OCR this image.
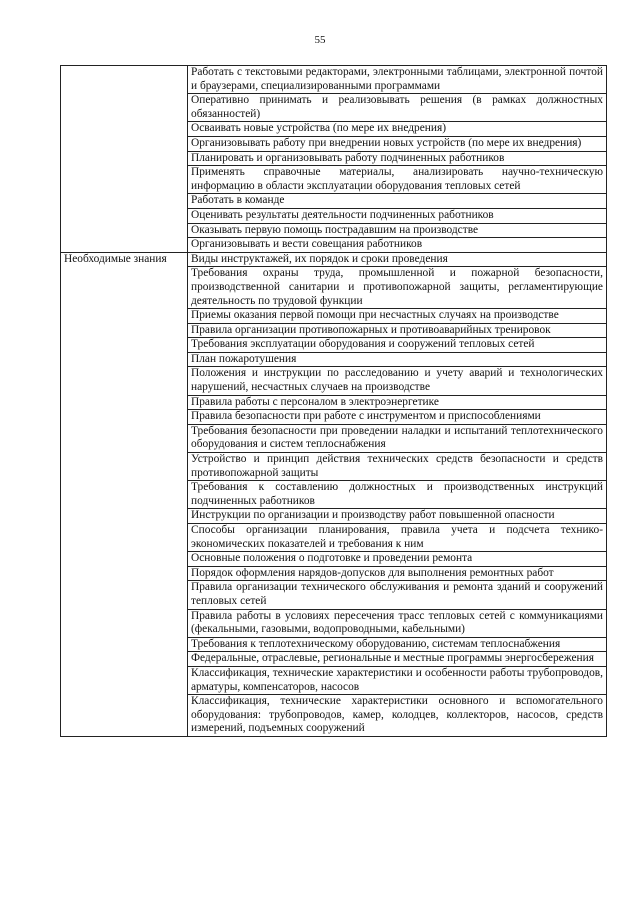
55
	Работать с текстовыми редакторами, электронными таблицами, электронной почтой и браузерами, специализированными программами
	Оперативно принимать и реализовывать решения (в рамках должностных обязанностей)
	Осваивать новые устройства (по мере их внедрения)
	Организовывать работу при внедрении новых устройств (по мере их внедрения)
	Планировать и организовывать работу подчиненных работников
	Применять справочные материалы, анализировать научно-техническую информацию в области эксплуатации оборудования тепловых сетей
	Работать в команде
	Оценивать результаты деятельности подчиненных работников
	Оказывать первую помощь пострадавшим на производстве
	Организовывать и вести совещания работников
Необходимые знания	Виды инструктажей, их порядок и сроки проведения
	Требования охраны труда, промышленной и пожарной безопасности, производственной санитарии и противопожарной защиты, регламентирующие деятельность по трудовой функции
	Приемы оказания первой помощи при несчастных случаях на производстве
	Правила организации противопожарных и противоаварийных тренировок
	Требования эксплуатации оборудования и сооружений тепловых сетей
	План пожаротушения
	Положения и инструкции по расследованию и учету аварий и технологических нарушений, несчастных случаев на производстве
	Правила работы с персоналом в электроэнергетике
	Правила безопасности при работе с инструментом и приспособлениями
	Требования безопасности при проведении наладки и испытаний теплотехнического оборудования и систем теплоснабжения
	Устройство и принцип действия технических средств безопасности и средств противопожарной защиты
	Требования к составлению должностных и производственных инструкций подчиненных работников
	Инструкции по организации и производству работ повышенной опасности
	Способы организации планирования, правила учета и подсчета технико-экономических показателей и требования к ним
	Основные положения о подготовке и проведении ремонта
	Порядок оформления нарядов-допусков для выполнения ремонтных работ
	Правила организации технического обслуживания и ремонта зданий и сооружений тепловых сетей
	Правила работы в условиях пересечения трасс тепловых сетей с коммуникациями (фекальными, газовыми, водопроводными, кабельными)
	Требования к теплотехническому оборудованию, системам теплоснабжения
	Федеральные, отраслевые, региональные и местные программы энергосбережения
	Классификация, технические характеристики и особенности работы трубопроводов, арматуры, компенсаторов, насосов
	Классификация, технические характеристики основного и вспомогательного оборудования: трубопроводов, камер, колодцев, коллекторов, насосов, средств измерений, подъемных сооружений
